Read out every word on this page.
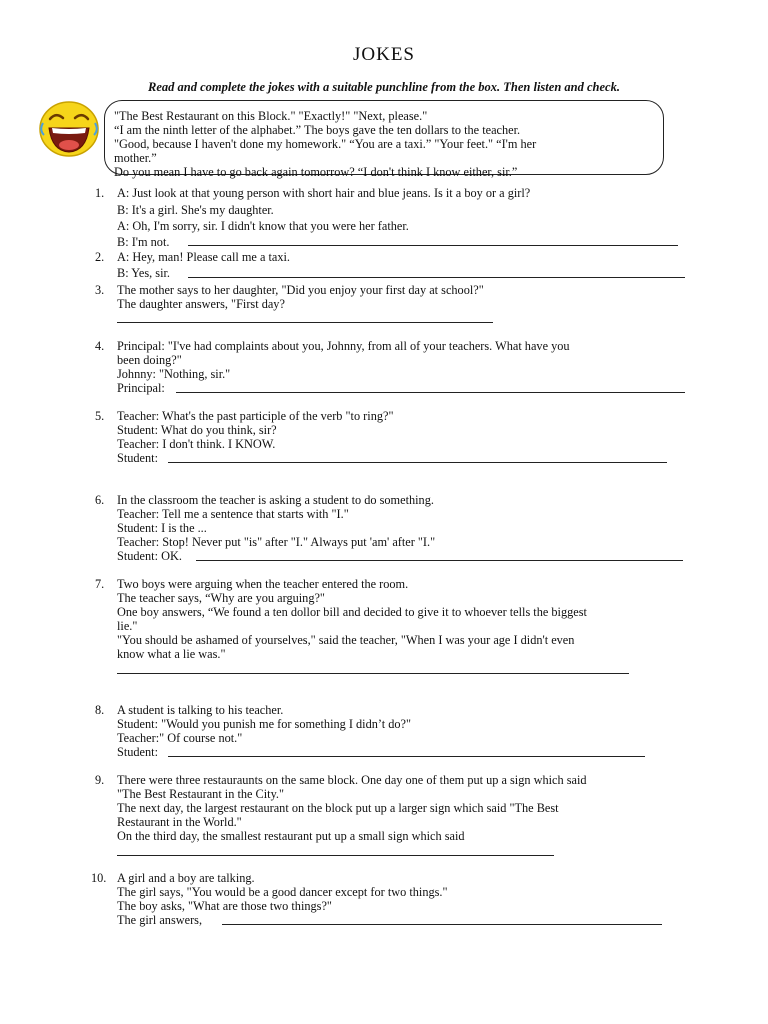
JOKES
Read and complete the jokes with a suitable punchline from the box. Then listen and check.
"The Best Restaurant on this Block." "Exactly!" "Next, please."
“I am the ninth letter of the alphabet.” The boys gave the ten dollars to the teacher.
"Good, because I haven't done my homework." “You are a taxi.” "Your feet." “I'm her
mother.”
Do you mean I have to go back again tomorrow? “I don't think I know either, sir.”
1. A: Just look at that young person with short hair and blue jeans. Is it a boy or a girl?
B: It's a girl. She's my daughter.
A: Oh, I'm sorry, sir. I didn't know that you were her father.
B: I'm not.
2. A: Hey, man! Please call me a taxi.
B: Yes, sir.
3. The mother says to her daughter, "Did you enjoy your first day at school?"
The daughter answers, "First day?
4. Principal: "I've had complaints about you, Johnny, from all of your teachers. What have you
been doing?"
Johnny: "Nothing, sir."
Principal:
5. Teacher: What's the past participle of the verb "to ring?"
Student: What do you think, sir?
Teacher: I don't think. I KNOW.
Student:
6. In the classroom the teacher is asking a student to do something.
Teacher: Tell me a sentence that starts with "I."
Student: I is the ...
Teacher: Stop! Never put "is" after "I." Always put 'am' after "I."
Student: OK.
7. Two boys were arguing when the teacher entered the room.
The teacher says, “Why are you arguing?"
One boy answers, “We found a ten dollor bill and decided to give it to whoever tells the biggest
lie."
"You should be ashamed of yourselves," said the teacher, "When I was your age I didn't even
know what a lie was."
8. A student is talking to his teacher.
Student: "Would you punish me for something I didn’t do?"
Teacher:" Of course not."
Student:
9. There were three restauraunts on the same block. One day one of them put up a sign which said
"The Best Restaurant in the City."
The next day, the largest restaurant on the block put up a larger sign which said "The Best
Restaurant in the World."
On the third day, the smallest restaurant put up a small sign which said
10. A girl and a boy are talking.
The girl says, "You would be a good dancer except for two things."
The boy asks, "What are those two things?"
The girl answers,
